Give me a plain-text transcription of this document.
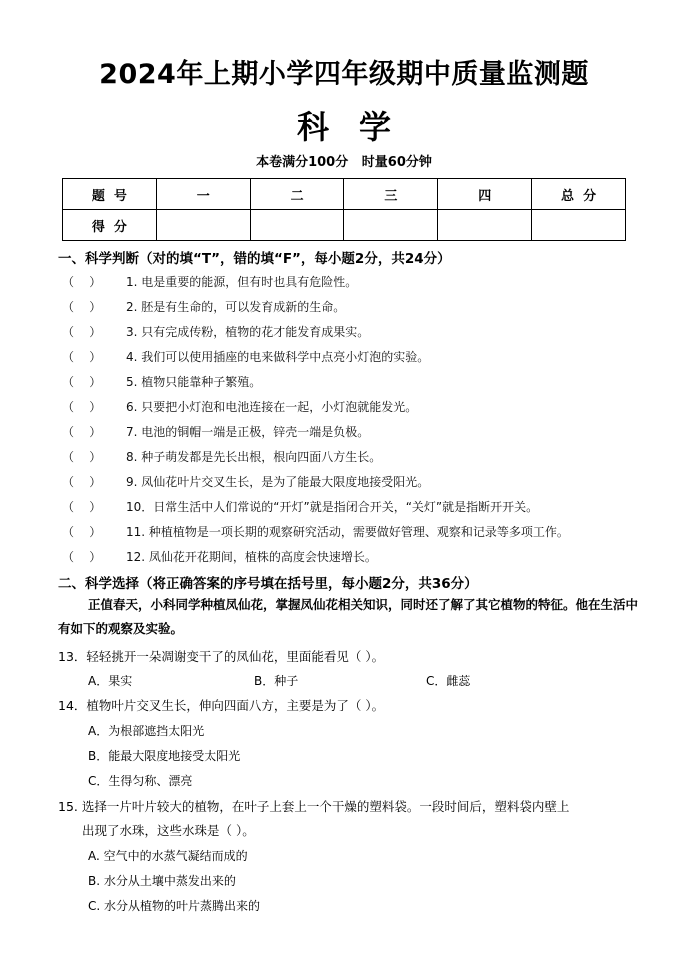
2024年上期小学四年级期中质量监测题
科学
本卷满分100分   时量60分钟
题  号	一	二	三	四	总  分
得  分					
一、科学判断（对的填“T”，错的填“F”，每小题2分，共24分）
（    ） 1. 电是重要的能源，但有时也具有危险性。
（    ） 2. 胚是有生命的，可以发育成新的生命。
（    ） 3. 只有完成传粉，植物的花才能发育成果实。
（    ） 4. 我们可以使用插座的电来做科学中点亮小灯泡的实验。
（    ） 5. 植物只能靠种子繁殖。
（    ） 6. 只要把小灯泡和电池连接在一起，小灯泡就能发光。
（    ） 7. 电池的铜帽一端是正极，锌壳一端是负极。
（    ） 8. 种子萌发都是先长出根，根向四面八方生长。
（    ） 9. 凤仙花叶片交叉生长，是为了能最大限度地接受阳光。
（    ） 10．日常生活中人们常说的“开灯”就是指闭合开关，“关灯”就是指断开开关。
（    ） 11. 种植植物是一项长期的观察研究活动，需要做好管理、观察和记录等多项工作。
（    ） 12. 凤仙花开花期间，植株的高度会快速增长。
二、科学选择（将正确答案的序号填在括号里，每小题2分，共36分）
正值春天，小科同学种植凤仙花，掌握凤仙花相关知识，同时还了解了其它植物的特征。他在生活中有如下的观察及实验。
13．轻轻挑开一朵凋谢变干了的凤仙花，里面能看见（ ）。
A．果实	B．种子	C．雌蕊
14．植物叶片交叉生长，伸向四面八方，主要是为了（ ）。
A．为根部遮挡太阳光
B．能最大限度地接受太阳光
C．生得匀称、漂亮
15. 选择一片叶片较大的植物，在叶子上套上一个干燥的塑料袋。一段时间后，塑料袋内壁上
出现了水珠，这些水珠是（ ）。
A. 空气中的水蒸气凝结而成的
B. 水分从土壤中蒸发出来的
C. 水分从植物的叶片蒸腾出来的
